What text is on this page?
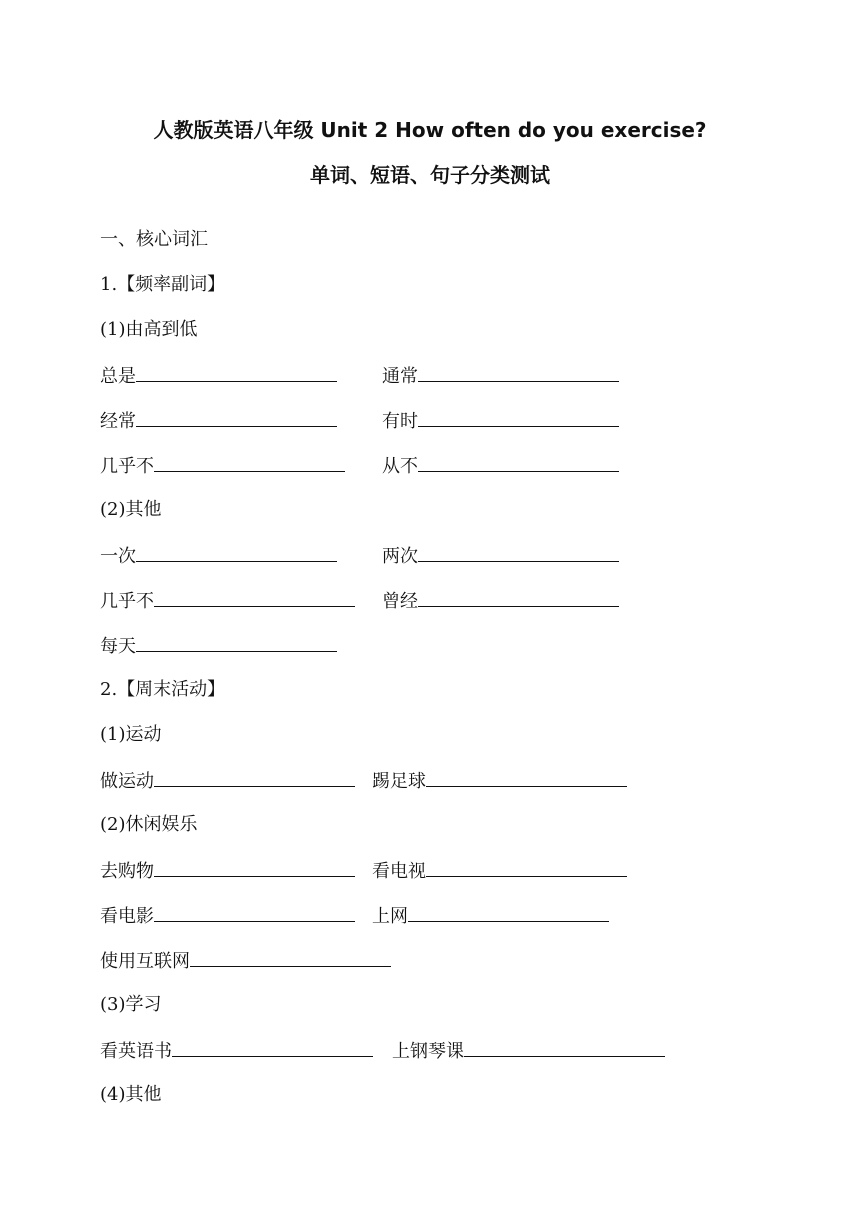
人教版英语八年级 Unit 2 How often do you exercise?
单词、短语、句子分类测试
一、核心词汇
1.【频率副词】
(1)由高到低
总是	通常
经常	有时
几乎不	从不
(2)其他
一次	两次
几乎不	曾经
每天
2.【周末活动】
(1)运动
做运动	踢足球
(2)休闲娱乐
去购物	看电视
看电影	上网
使用互联网
(3)学习
看英语书	上钢琴课
(4)其他
